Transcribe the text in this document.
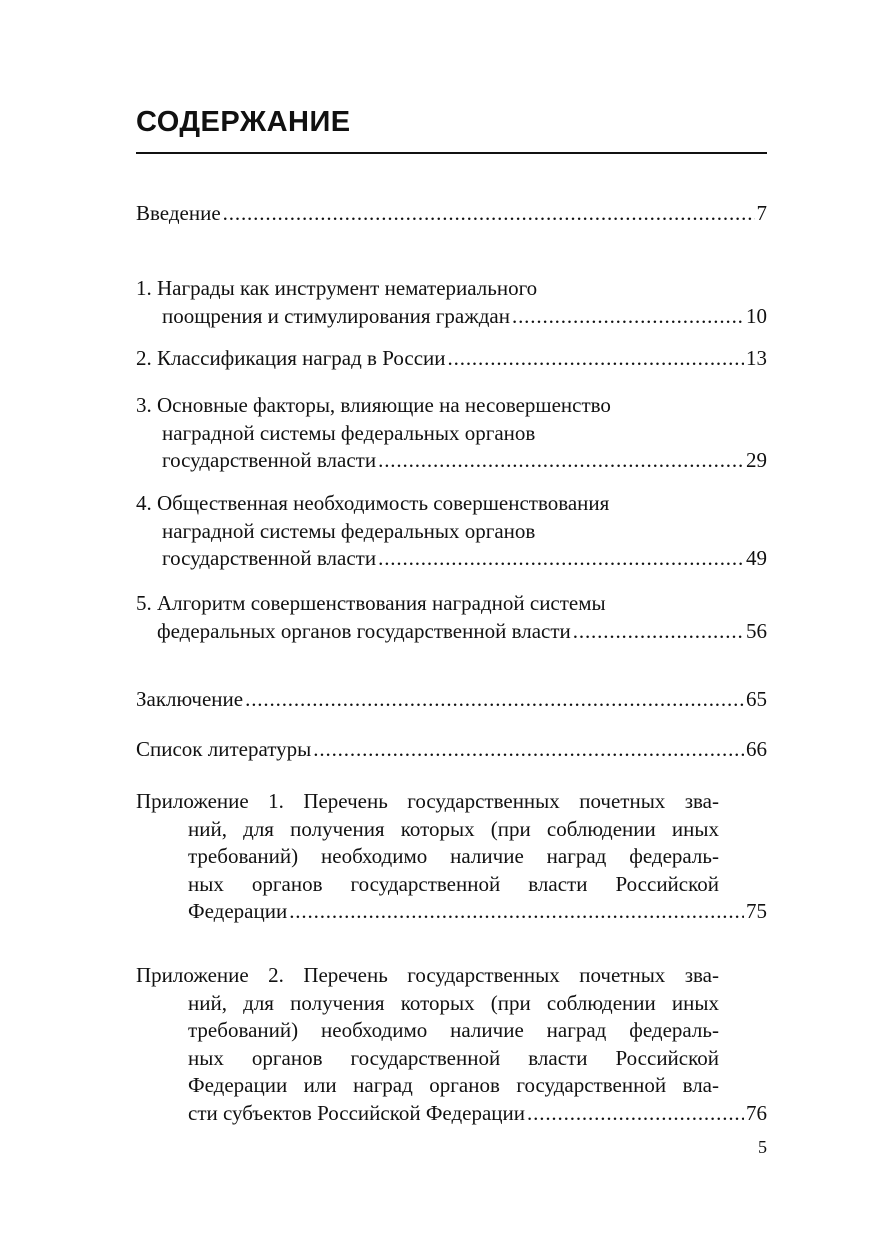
СОДЕРЖАНИЕ
Введение . . .	7
1. Награды как инструмент нематериального
поощрения и стимулирования граждан . . .	10
2. Классификация наград в России . . .	13
3. Основные факторы, влияющие на несовершенство
наградной системы федеральных органов
государственной власти . . .	29
4. Общественная необходимость совершенствования
наградной системы федеральных органов
государственной власти . . .	49
5. Алгоритм совершенствования наградной системы
федеральных органов государственной власти . . .	56
Заключение . . .	65
Список литературы . . .	66
Приложение 1. Перечень государственных почетных зва-
ний, для получения которых (при соблюдении иных
требований) необходимо наличие наград федераль-
ных органов государственной власти Российской
Федерации . . .	75
Приложение 2. Перечень государственных почетных зва-
ний, для получения которых (при соблюдении иных
требований) необходимо наличие наград федераль-
ных органов государственной власти Российской
Федерации или наград органов государственной вла-
сти субъектов Российской Федерации . . .	76
5
